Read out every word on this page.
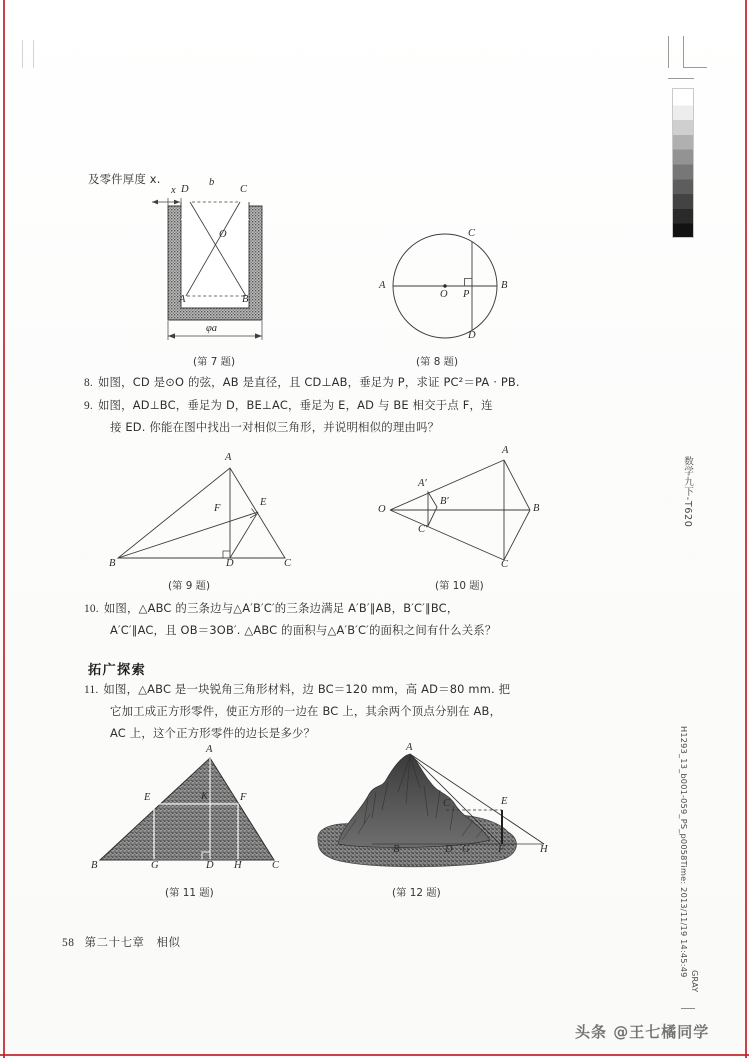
及零件厚度 x.
x
b
D	C
O
A	B
φa
(第 7 题)
C
A
O P
B
D
(第 8 题)
8. 如图，CD 是⊙O 的弦，AB 是直径，且 CD⊥AB，垂足为 P，求证 PC²＝PA · PB.
9. 如图，AD⊥BC，垂足为 D，BE⊥AC，垂足为 E，AD 与 BE 相交于点 F，连
接 ED. 你能在图中找出一对相似三角形，并说明相似的理由吗？
A
F
E
B	D	C
(第 9 题)
A
A′
B′
C′
O	B
C
(第 10 题)
10. 如图，△ABC 的三条边与△A′B′C′的三条边满足 A′B′∥AB，B′C′∥BC，
A′C′∥AC，且 OB＝3OB′. △ABC 的面积与△A′B′C′的面积之间有什么关系？
拓广探索
11. 如图，△ABC 是一块锐角三角形材料，边 BC＝120 mm，高 AD＝80 mm. 把
它加工成正方形零件，使正方形的一边在 BC 上，其余两个顶点分别在 AB，
AC 上，这个正方形零件的边长是多少？
A
E	K	F
B	G	D H	C
(第 11 题)
A
C	E
B	D G	F	H
(第 12 题)
58 第二十七章　相似
数学九下-T620
H1293_13_b001-059_PS_p0058Time: 2013/11/19 14:45:49
GRAY
头条 @王七橘同学
